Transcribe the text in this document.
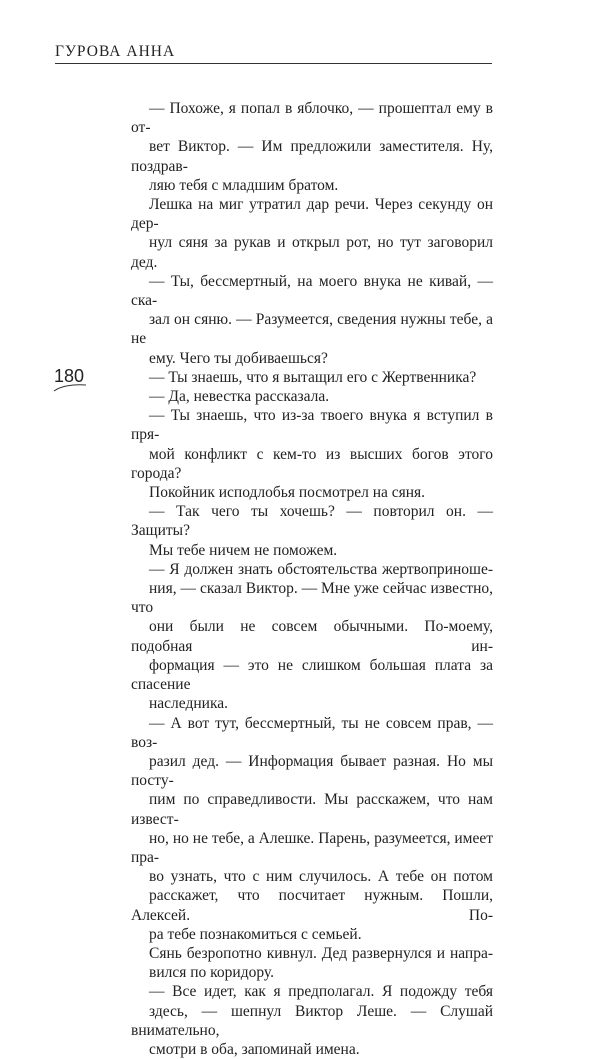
ГУРОВА АННА
180

— Похоже, я попал в яблочко, — прошептал ему в от-
вет Виктор. — Им предложили заместителя. Ну, поздрав-
ляю тебя с младшим братом.

Лешка на миг утратил дар речи. Через секунду он дер-
нул сяня за рукав и открыл рот, но тут заговорил дед.

— Ты, бессмертный, на моего внука не кивай, — ска-
зал он сяню. — Разумеется, сведения нужны тебе, а не
ему. Чего ты добиваешься?

— Ты знаешь, что я вытащил его с Жертвенника?

— Да, невестка рассказала.

— Ты знаешь, что из-за твоего внука я вступил в пря-
мой конфликт с кем-то из высших богов этого города?

Покойник исподлобья посмотрел на сяня.

— Так чего ты хочешь? — повторил он. — Защиты?
Мы тебе ничем не поможем.

— Я должен знать обстоятельства жертвоприноше-
ния, — сказал Виктор. — Мне уже сейчас известно, что
они были не совсем обычными. По-моему, подобная ин-
формация — это не слишком большая плата за спасение
наследника.

— А вот тут, бессмертный, ты не совсем прав, — воз-
разил дед. — Информация бывает разная. Но мы посту-
пим по справедливости. Мы расскажем, что нам извест-
но, но не тебе, а Алешке. Парень, разумеется, имеет пра-
во узнать, что с ним случилось. А тебе он потом
расскажет, что посчитает нужным. Пошли, Алексей. По-
ра тебе познакомиться с семьей.

Сянь безропотно кивнул. Дед развернулся и напра-
вился по коридору.

— Все идет, как я предполагал. Я подожду тебя
здесь, — шепнул Виктор Леше. — Слушай внимательно,
смотри в оба, запоминай имена.
